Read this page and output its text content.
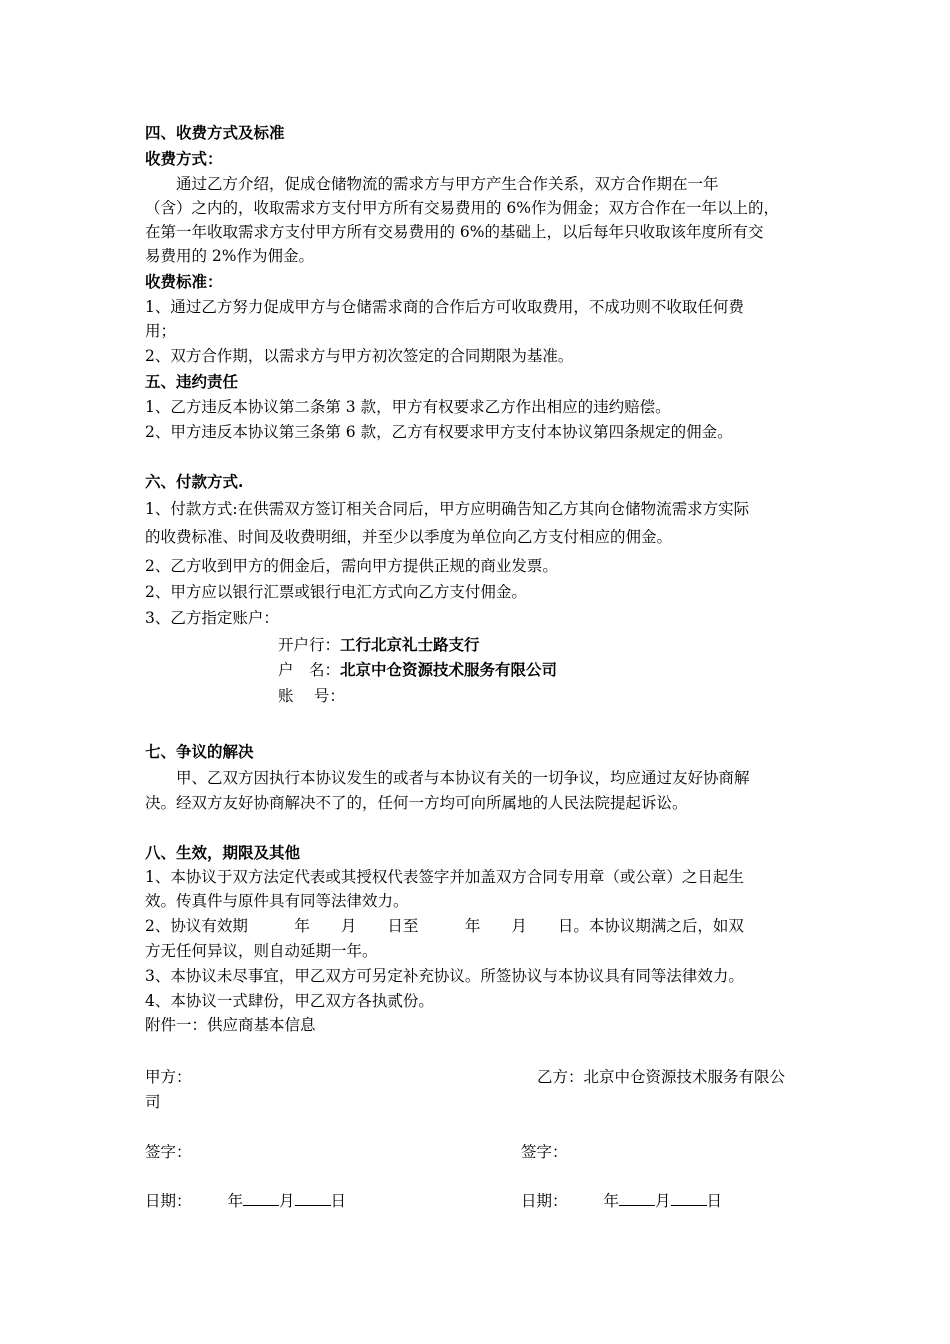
四、收费方式及标准
收费方式：
通过乙方介绍，促成仓储物流的需求方与甲方产生合作关系，双方合作期在一年
（含）之内的，收取需求方支付甲方所有交易费用的 6%作为佣金；双方合作在一年以上的，
在第一年收取需求方支付甲方所有交易费用的 6%的基础上，以后每年只收取该年度所有交
易费用的 2%作为佣金。
收费标准：
1、通过乙方努力促成甲方与仓储需求商的合作后方可收取费用，不成功则不收取任何费
用；
2、双方合作期，以需求方与甲方初次签定的合同期限为基准。
五、违约责任
1、乙方违反本协议第二条第 3 款，甲方有权要求乙方作出相应的违约赔偿。
2、甲方违反本协议第三条第 6 款，乙方有权要求甲方支付本协议第四条规定的佣金。
六、付款方式.
1、付款方式:在供需双方签订相关合同后，甲方应明确告知乙方其向仓储物流需求方实际
的收费标准、时间及收费明细，并至少以季度为单位向乙方支付相应的佣金。
2、乙方收到甲方的佣金后，需向甲方提供正规的商业发票。
2、甲方应以银行汇票或银行电汇方式向乙方支付佣金。
3、乙方指定账户：
开户行：工行北京礼士路支行
户　名：北京中仓资源技术服务有限公司
账　 号：
七、争议的解决
甲、乙双方因执行本协议发生的或者与本协议有关的一切争议，均应通过友好协商解
决。经双方友好协商解决不了的，任何一方均可向所属地的人民法院提起诉讼。
八、生效，期限及其他
1、本协议于双方法定代表或其授权代表签字并加盖双方合同专用章（或公章）之日起生
效。传真件与原件具有同等法律效力。
2、协议有效期　　　年　　月　　日至　　　年　　月　　日。本协议期满之后，如双
方无任何异议，则自动延期一年。
3、本协议未尽事宜，甲乙双方可另定补充协议。所签协议与本协议具有同等法律效力。
4、本协议一式肆份，甲乙双方各执贰份。
附件一：供应商基本信息
甲方：	乙方：北京中仓资源技术服务有限公
司
签字：	签字：
日期： 年 月 日	日期： 年 月 日
